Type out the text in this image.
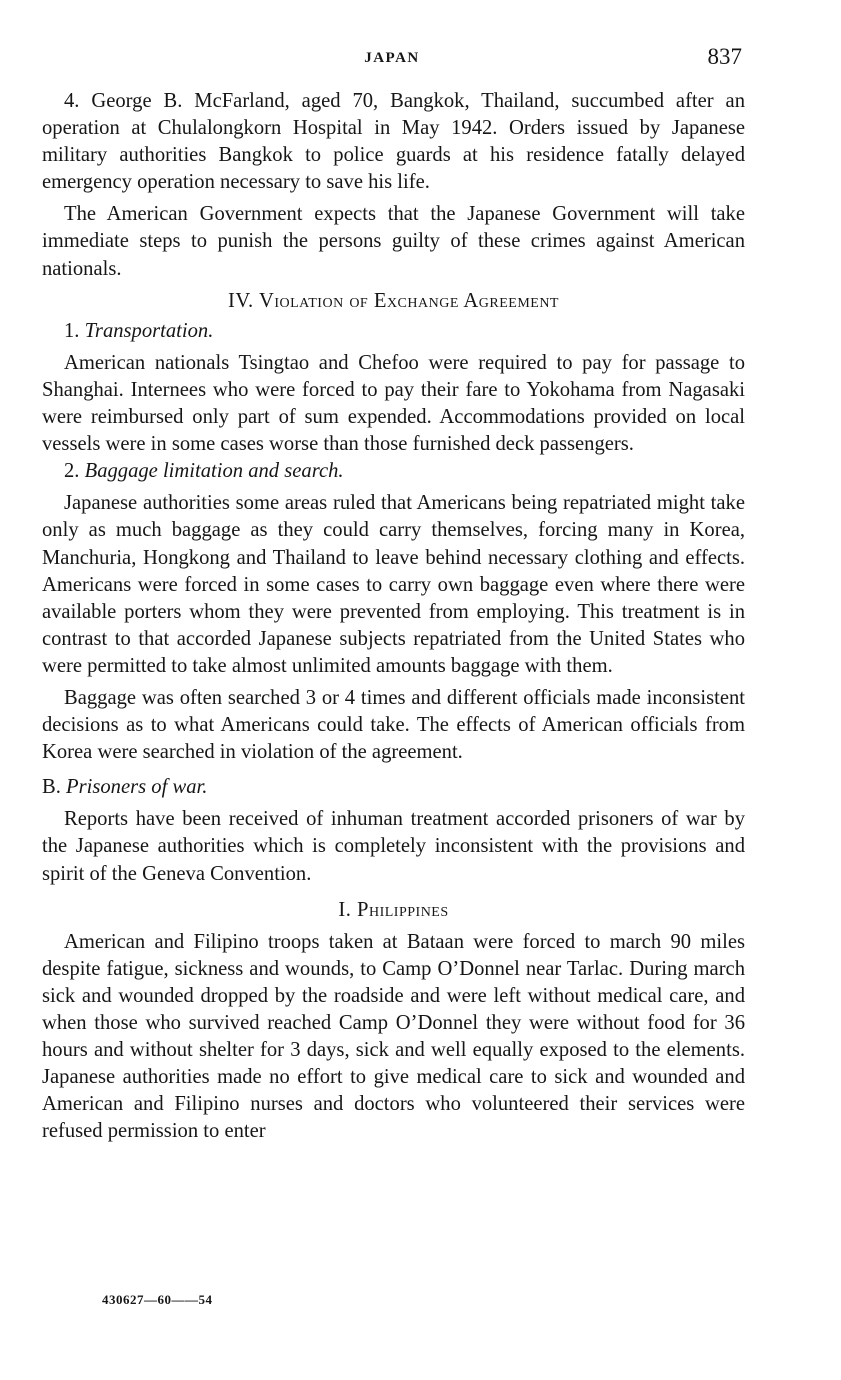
JAPAN	837

4. George B. McFarland, aged 70, Bangkok, Thailand, succumbed after an operation at Chulalongkorn Hospital in May 1942. Orders issued by Japanese military authorities Bangkok to police guards at his residence fatally delayed emergency operation necessary to save his life.

The American Government expects that the Japanese Government will take immediate steps to punish the persons guilty of these crimes against American nationals.

IV. Violation of Exchange Agreement

1. Transportation.

American nationals Tsingtao and Chefoo were required to pay for passage to Shanghai. Internees who were forced to pay their fare to Yokohama from Nagasaki were reimbursed only part of sum expended. Accommodations provided on local vessels were in some cases worse than those furnished deck passengers.

2. Baggage limitation and search.

Japanese authorities some areas ruled that Americans being repatriated might take only as much baggage as they could carry themselves, forcing many in Korea, Manchuria, Hongkong and Thailand to leave behind necessary clothing and effects. Americans were forced in some cases to carry own baggage even where there were available porters whom they were prevented from employing. This treatment is in contrast to that accorded Japanese subjects repatriated from the United States who were permitted to take almost unlimited amounts baggage with them.

Baggage was often searched 3 or 4 times and different officials made inconsistent decisions as to what Americans could take. The effects of American officials from Korea were searched in violation of the agreement.

B. Prisoners of war.

Reports have been received of inhuman treatment accorded prisoners of war by the Japanese authorities which is completely inconsistent with the provisions and spirit of the Geneva Convention.

I. Philippines

American and Filipino troops taken at Bataan were forced to march 90 miles despite fatigue, sickness and wounds, to Camp O’Donnel near Tarlac. During march sick and wounded dropped by the roadside and were left without medical care, and when those who survived reached Camp O’Donnel they were without food for 36 hours and without shelter for 3 days, sick and well equally exposed to the elements. Japanese authorities made no effort to give medical care to sick and wounded and American and Filipino nurses and doctors who volunteered their services were refused permission to enter

430627—60——54
